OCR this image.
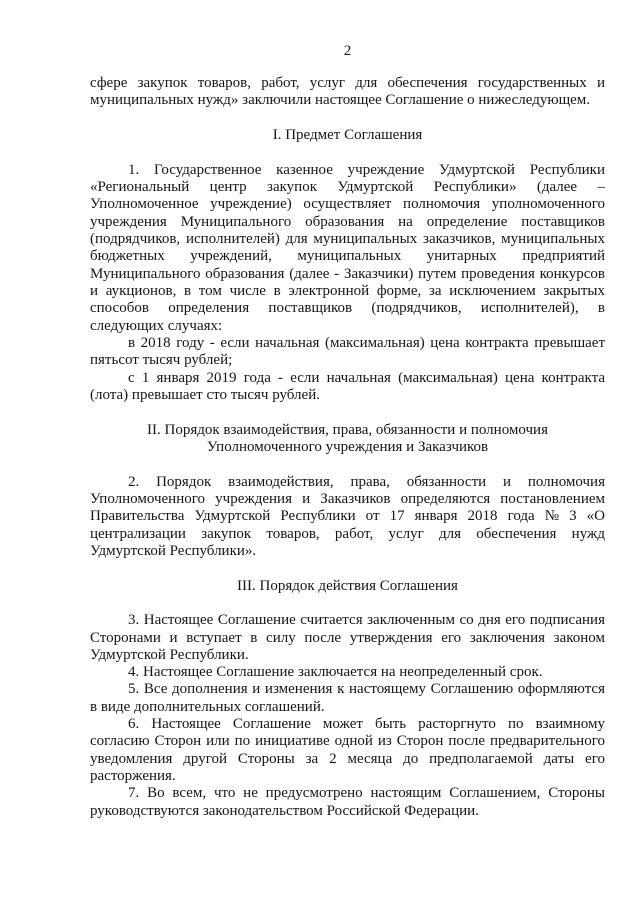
2
сфере закупок товаров, работ, услуг для обеспечения государственных и
муниципальных нужд» заключили настоящее Соглашение о нижеследующем.
I. Предмет Соглашения
1. Государственное казенное учреждение Удмуртской Республики
«Региональный центр закупок Удмуртской Республики» (далее –
Уполномоченное учреждение) осуществляет полномочия уполномоченного
учреждения Муниципального образования на определение поставщиков
(подрядчиков, исполнителей) для муниципальных заказчиков, муниципальных
бюджетных учреждений, муниципальных унитарных предприятий
Муниципального образования (далее - Заказчики) путем проведения конкурсов
и аукционов, в том числе в электронной форме, за исключением закрытых
способов определения поставщиков (подрядчиков, исполнителей), в
следующих случаях:
в 2018 году - если начальная (максимальная) цена контракта превышает
пятьсот тысяч рублей;
с 1 января 2019 года - если начальная (максимальная) цена контракта
(лота) превышает сто тысяч рублей.
II. Порядок взаимодействия, права, обязанности и полномочия
Уполномоченного учреждения и Заказчиков
2. Порядок взаимодействия, права, обязанности и полномочия
Уполномоченного учреждения и Заказчиков определяются постановлением
Правительства Удмуртской Республики от 17 января 2018 года № 3 «О
централизации закупок товаров, работ, услуг для обеспечения нужд
Удмуртской Республики».
III. Порядок действия Соглашения
3. Настоящее Соглашение считается заключенным со дня его подписания
Сторонами и вступает в силу после утверждения его заключения законом
Удмуртской Республики.
4. Настоящее Соглашение заключается на неопределенный срок.
5. Все дополнения и изменения к настоящему Соглашению оформляются
в виде дополнительных соглашений.
6. Настоящее Соглашение может быть расторгнуто по взаимному
согласию Сторон или по инициативе одной из Сторон после предварительного
уведомления другой Стороны за 2 месяца до предполагаемой даты его
расторжения.
7. Во всем, что не предусмотрено настоящим Соглашением, Стороны
руководствуются законодательством Российской Федерации.
